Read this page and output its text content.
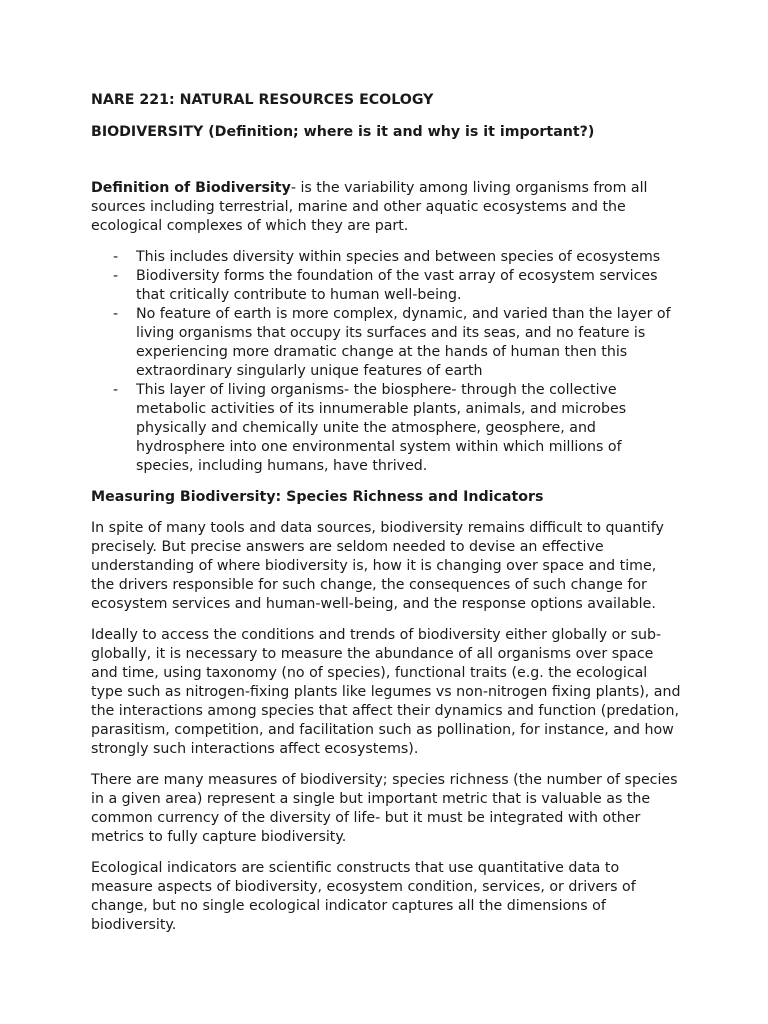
NARE 221: NATURAL RESOURCES ECOLOGY

BIODIVERSITY (Definition; where is it and why is it important?)

Definition of Biodiversity- is the variability among living organisms from all sources including terrestrial, marine and other aquatic ecosystems and the ecological complexes of which they are part.

- This includes diversity within species and between species of ecosystems
- Biodiversity forms the foundation of the vast array of ecosystem services that critically contribute to human well-being.
- No feature of earth is more complex, dynamic, and varied than the layer of living organisms that occupy its surfaces and its seas, and no feature is experiencing more dramatic change at the hands of human then this extraordinary singularly unique features of earth
- This layer of living organisms- the biosphere- through the collective metabolic activities of its innumerable plants, animals, and microbes physically and chemically unite the atmosphere, geosphere, and hydrosphere into one environmental system within which millions of species, including humans, have thrived.

Measuring Biodiversity: Species Richness and Indicators

In spite of many tools and data sources, biodiversity remains difficult to quantify precisely. But precise answers are seldom needed to devise an effective understanding of where biodiversity is, how it is changing over space and time, the drivers responsible for such change, the consequences of such change for ecosystem services and human-well-being, and the response options available.

Ideally to access the conditions and trends of biodiversity either globally or sub-globally, it is necessary to measure the abundance of all organisms over space and time, using taxonomy (no of species), functional traits (e.g. the ecological type such as nitrogen-fixing plants like legumes vs non-nitrogen fixing plants), and the interactions among species that affect their dynamics and function (predation, parasitism, competition, and facilitation such as pollination, for instance, and how strongly such interactions affect ecosystems).

There are many measures of biodiversity; species richness (the number of species in a given area) represent a single but important metric that is valuable as the common currency of the diversity of life- but it must be integrated with other metrics to fully capture biodiversity.

Ecological indicators are scientific constructs that use quantitative data to measure aspects of biodiversity, ecosystem condition, services, or drivers of change, but no single ecological indicator captures all the dimensions of biodiversity.
